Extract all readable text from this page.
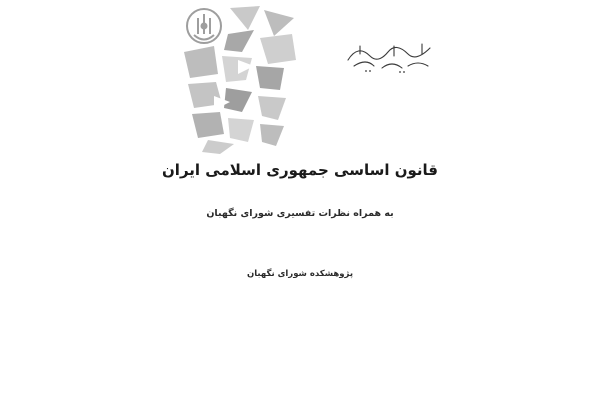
قانون اساسی جمهوری اسلامی ایران
به همراه نظرات تفسیری شورای نگهبان
پژوهشکده شورای نگهبان
